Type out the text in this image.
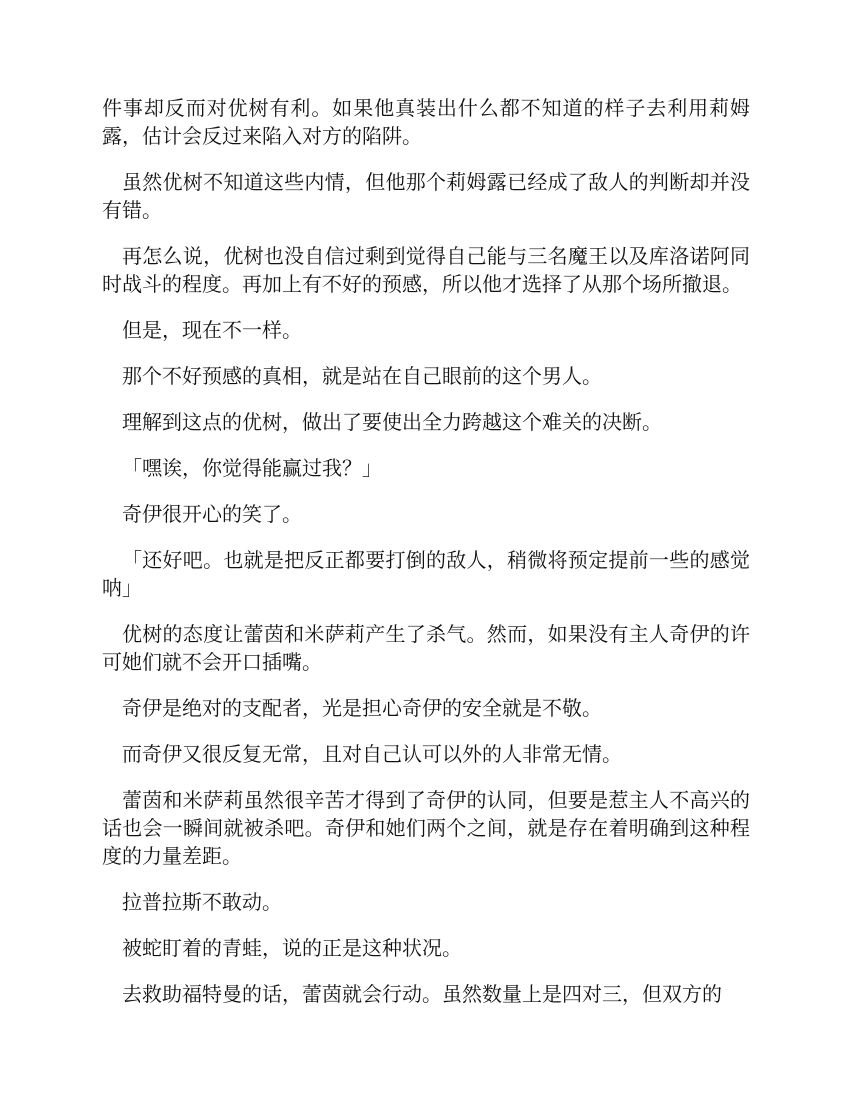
件事却反而对优树有利。如果他真装出什么都不知道的样子去利用莉姆露，估计会反过来陷入对方的陷阱。

虽然优树不知道这些内情，但他那个莉姆露已经成了敌人的判断却并没有错。

再怎么说，优树也没自信过剩到觉得自己能与三名魔王以及库洛诺阿同时战斗的程度。再加上有不好的预感，所以他才选择了从那个场所撤退。

但是，现在不一样。

那个不好预感的真相，就是站在自己眼前的这个男人。

理解到这点的优树，做出了要使出全力跨越这个难关的决断。

「嘿诶，你觉得能赢过我？」

奇伊很开心的笑了。

「还好吧。也就是把反正都要打倒的敌人，稍微将预定提前一些的感觉呐」

优树的态度让蕾茵和米萨莉产生了杀气。然而，如果没有主人奇伊的许可她们就不会开口插嘴。

奇伊是绝对的支配者，光是担心奇伊的安全就是不敬。

而奇伊又很反复无常，且对自己认可以外的人非常无情。

蕾茵和米萨莉虽然很辛苦才得到了奇伊的认同，但要是惹主人不高兴的话也会一瞬间就被杀吧。奇伊和她们两个之间，就是存在着明确到这种程度的力量差距。

拉普拉斯不敢动。

被蛇盯着的青蛙，说的正是这种状况。

去救助福特曼的话，蕾茵就会行动。虽然数量上是四对三，但双方的
